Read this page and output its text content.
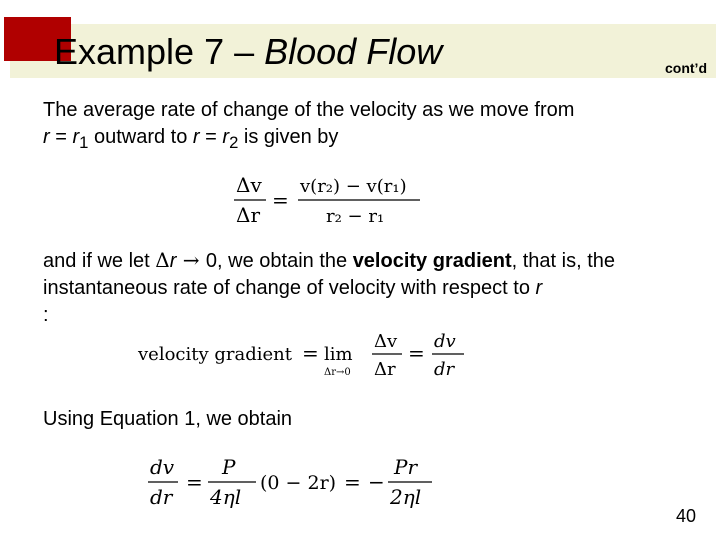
Example 7 – Blood Flow	cont’d
The average rate of change of the velocity as we move from
$r = r_1$ outward to $r = r_2$ is given by
Δv
Δr
=
v(r₂) − v(r₁)
r₂ − r₁
and if we let Δr → 0, we obtain the velocity gradient, that is, the instantaneous rate of change of velocity with respect to r
:
velocity gradient = lim
Δr→0
Δv
Δr
= dv
dr
Using Equation 1, we obtain
dv
dr
=
P
4ηl
(0 − 2r) = −
Pr
2ηl
40
